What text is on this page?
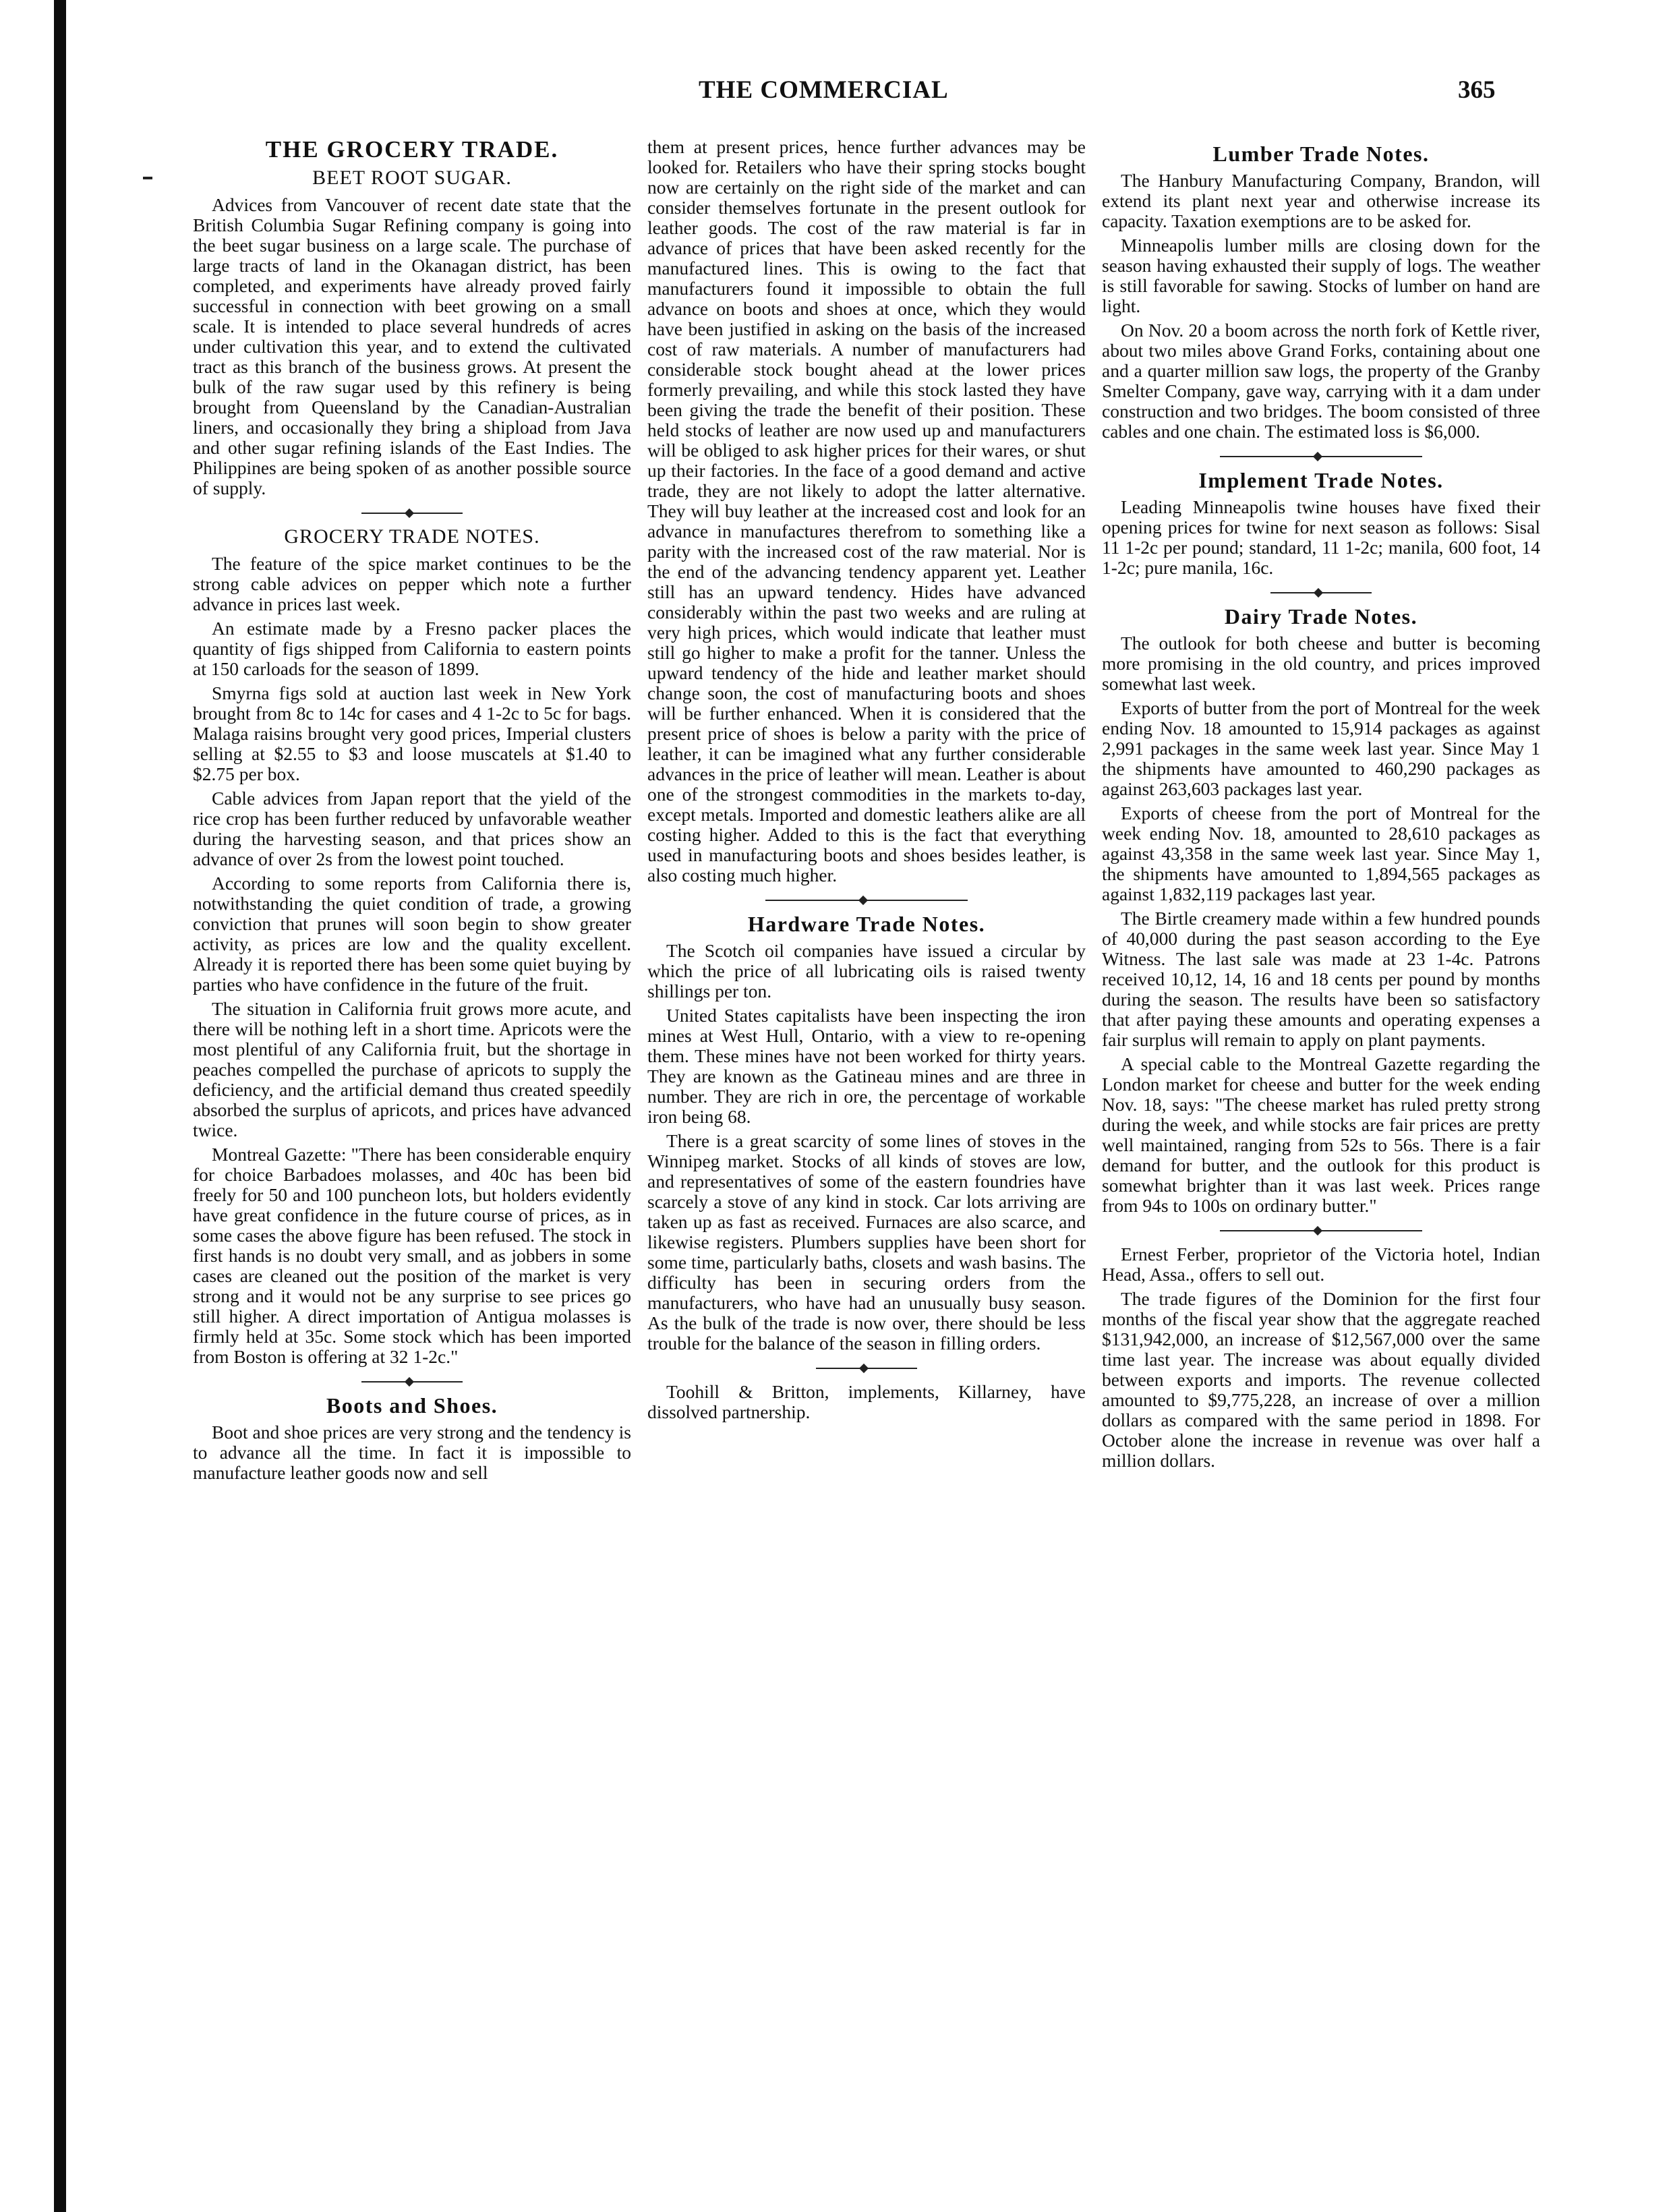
THE COMMERCIAL	365
THE GROCERY TRADE.
BEET ROOT SUGAR.

Advices from Vancouver of recent date state that the British Columbia Sugar Refining company is going into the beet sugar business on a large scale. The purchase of large tracts of land in the Okanagan district, has been completed, and experiments have already proved fairly successful in connection with beet growing on a small scale. It is intended to place several hundreds of acres under cultivation this year, and to extend the cultivated tract as this branch of the business grows. At present the bulk of the raw sugar used by this refinery is being brought from Queensland by the Canadian-Australian liners, and occasionally they bring a shipload from Java and other sugar refining islands of the East Indies. The Philippines are being spoken of as another possible source of supply.

GROCERY TRADE NOTES.

The feature of the spice market continues to be the strong cable advices on pepper which note a further advance in prices last week.

An estimate made by a Fresno packer places the quantity of figs shipped from California to eastern points at 150 carloads for the season of 1899.

Smyrna figs sold at auction last week in New York brought from 8c to 14c for cases and 4 1-2c to 5c for bags. Malaga raisins brought very good prices, Imperial clusters selling at $2.55 to $3 and loose muscatels at $1.40 to $2.75 per box.

Cable advices from Japan report that the yield of the rice crop has been further reduced by unfavorable weather during the harvesting season, and that prices show an advance of over 2s from the lowest point touched.

According to some reports from California there is, notwithstanding the quiet condition of trade, a growing conviction that prunes will soon begin to show greater activity, as prices are low and the quality excellent. Already it is reported there has been some quiet buying by parties who have confidence in the future of the fruit.

The situation in California fruit grows more acute, and there will be nothing left in a short time. Apricots were the most plentiful of any California fruit, but the shortage in peaches compelled the purchase of apricots to supply the deficiency, and the artificial demand thus created speedily absorbed the surplus of apricots, and prices have advanced twice.

Montreal Gazette: "There has been considerable enquiry for choice Barbadoes molasses, and 40c has been bid freely for 50 and 100 puncheon lots, but holders evidently have great confidence in the future course of prices, as in some cases the above figure has been refused. The stock in first hands is no doubt very small, and as jobbers in some cases are cleaned out the position of the market is very strong and it would not be any surprise to see prices go still higher. A direct importation of Antigua molasses is firmly held at 35c. Some stock which has been imported from Boston is offering at 32 1-2c."

Boots and Shoes.

Boot and shoe prices are very strong and the tendency is to advance all the time. In fact it is impossible to manufacture leather goods now and sell

them at present prices, hence further advances may be looked for. Retailers who have their spring stocks bought now are certainly on the right side of the market and can consider themselves fortunate in the present outlook for leather goods. The cost of the raw material is far in advance of prices that have been asked recently for the manufactured lines. This is owing to the fact that manufacturers found it impossible to obtain the full advance on boots and shoes at once, which they would have been justified in asking on the basis of the increased cost of raw materials. A number of manufacturers had considerable stock bought ahead at the lower prices formerly prevailing, and while this stock lasted they have been giving the trade the benefit of their position. These held stocks of leather are now used up and manufacturers will be obliged to ask higher prices for their wares, or shut up their factories. In the face of a good demand and active trade, they are not likely to adopt the latter alternative. They will buy leather at the increased cost and look for an advance in manufactures therefrom to something like a parity with the increased cost of the raw material. Nor is the end of the advancing tendency apparent yet. Leather still has an upward tendency. Hides have advanced considerably within the past two weeks and are ruling at very high prices, which would indicate that leather must still go higher to make a profit for the tanner. Unless the upward tendency of the hide and leather market should change soon, the cost of manufacturing boots and shoes will be further enhanced. When it is considered that the present price of shoes is below a parity with the price of leather, it can be imagined what any further considerable advances in the price of leather will mean. Leather is about one of the strongest commodities in the markets to-day, except metals. Imported and domestic leathers alike are all costing higher. Added to this is the fact that everything used in manufacturing boots and shoes besides leather, is also costing much higher.

Hardware Trade Notes.

The Scotch oil companies have issued a circular by which the price of all lubricating oils is raised twenty shillings per ton.

United States capitalists have been inspecting the iron mines at West Hull, Ontario, with a view to re-opening them. These mines have not been worked for thirty years. They are known as the Gatineau mines and are three in number. They are rich in ore, the percentage of workable iron being 68.

There is a great scarcity of some lines of stoves in the Winnipeg market. Stocks of all kinds of stoves are low, and representatives of some of the eastern foundries have scarcely a stove of any kind in stock. Car lots arriving are taken up as fast as received. Furnaces are also scarce, and likewise registers. Plumbers supplies have been short for some time, particularly baths, closets and wash basins. The difficulty has been in securing orders from the manufacturers, who have had an unusually busy season. As the bulk of the trade is now over, there should be less trouble for the balance of the season in filling orders.

Toohill & Britton, implements, Killarney, have dissolved partnership.

Lumber Trade Notes.

The Hanbury Manufacturing Company, Brandon, will extend its plant next year and otherwise increase its capacity. Taxation exemptions are to be asked for.

Minneapolis lumber mills are closing down for the season having exhausted their supply of logs. The weather is still favorable for sawing. Stocks of lumber on hand are light.

On Nov. 20 a boom across the north fork of Kettle river, about two miles above Grand Forks, containing about one and a quarter million saw logs, the property of the Granby Smelter Company, gave way, carrying with it a dam under construction and two bridges. The boom consisted of three cables and one chain. The estimated loss is $6,000.

Implement Trade Notes.

Leading Minneapolis twine houses have fixed their opening prices for twine for next season as follows: Sisal 11 1-2c per pound; standard, 11 1-2c; manila, 600 foot, 14 1-2c; pure manila, 16c.

Dairy Trade Notes.

The outlook for both cheese and butter is becoming more promising in the old country, and prices improved somewhat last week.

Exports of butter from the port of Montreal for the week ending Nov. 18 amounted to 15,914 packages as against 2,991 packages in the same week last year. Since May 1 the shipments have amounted to 460,290 packages as against 263,603 packages last year.

Exports of cheese from the port of Montreal for the week ending Nov. 18, amounted to 28,610 packages as against 43,358 in the same week last year. Since May 1, the shipments have amounted to 1,894,565 packages as against 1,832,119 packages last year.

The Birtle creamery made within a few hundred pounds of 40,000 during the past season according to the Eye Witness. The last sale was made at 23 1-4c. Patrons received 10,12, 14, 16 and 18 cents per pound by months during the season. The results have been so satisfactory that after paying these amounts and operating expenses a fair surplus will remain to apply on plant payments.

A special cable to the Montreal Gazette regarding the London market for cheese and butter for the week ending Nov. 18, says: "The cheese market has ruled pretty strong during the week, and while stocks are fair prices are pretty well maintained, ranging from 52s to 56s. There is a fair demand for butter, and the outlook for this product is somewhat brighter than it was last week. Prices range from 94s to 100s on ordinary butter."

Ernest Ferber, proprietor of the Victoria hotel, Indian Head, Assa., offers to sell out.

The trade figures of the Dominion for the first four months of the fiscal year show that the aggregate reached $131,942,000, an increase of $12,567,000 over the same time last year. The increase was about equally divided between exports and imports. The revenue collected amounted to $9,775,228, an increase of over a million dollars as compared with the same period in 1898. For October alone the increase in revenue was over half a million dollars.
